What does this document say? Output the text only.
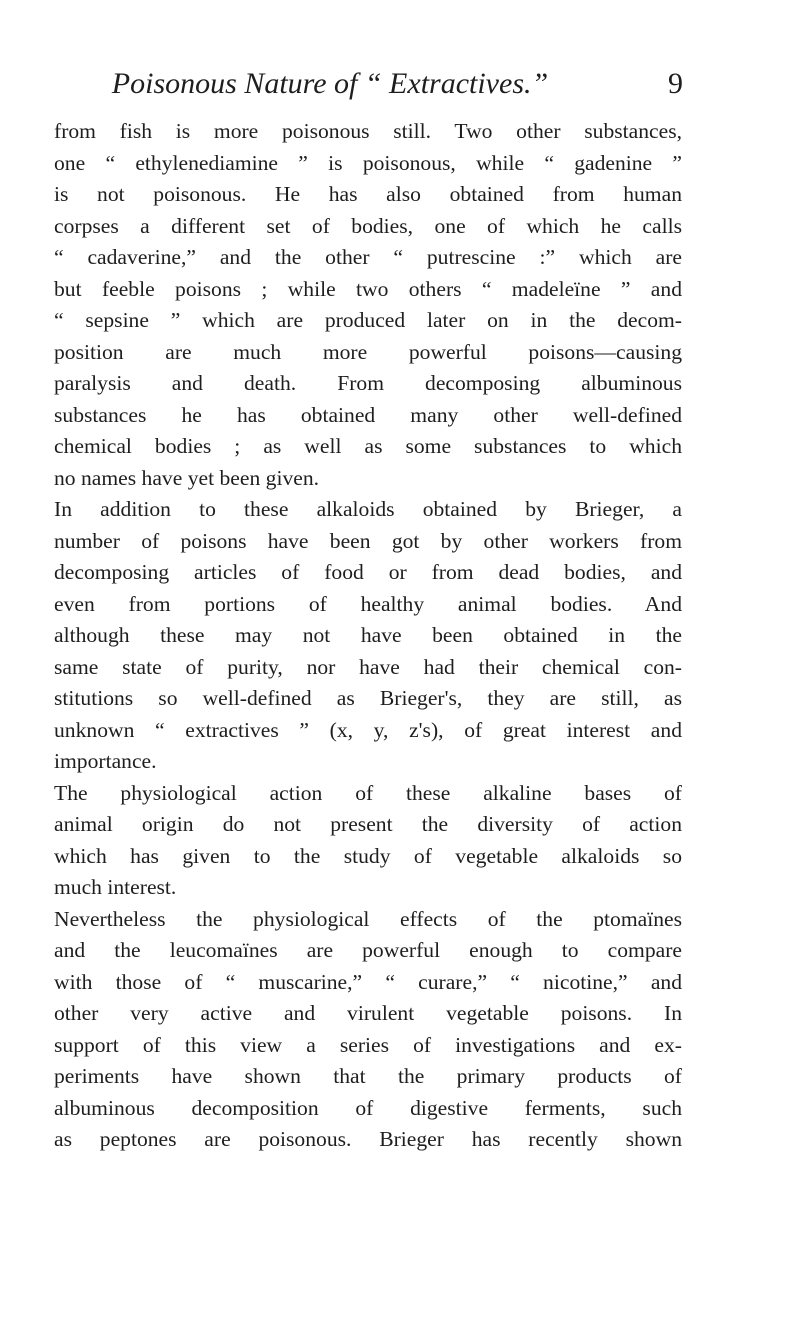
Poisonous Nature of “ Extractives.”	9
from fish is more poisonous still. Two other substances,
one “ ethylenediamine ” is poisonous, while “ gadenine ”
is not poisonous. He has also obtained from human
corpses a different set of bodies, one of which he calls
“ cadaverine,” and the other “ putrescine :” which are
but feeble poisons ; while two others “ madeleïne ” and
“ sepsine ” which are produced later on in the decom-
position are much more powerful poisons—causing
paralysis and death. From decomposing albuminous
substances he has obtained many other well-defined
chemical bodies ; as well as some substances to which
no names have yet been given.
In addition to these alkaloids obtained by Brieger, a
number of poisons have been got by other workers from
decomposing articles of food or from dead bodies, and
even from portions of healthy animal bodies. And
although these may not have been obtained in the
same state of purity, nor have had their chemical con-
stitutions so well-defined as Brieger's, they are still, as
unknown “ extractives ” (x, y, z's), of great interest and
importance.
The physiological action of these alkaline bases of
animal origin do not present the diversity of action
which has given to the study of vegetable alkaloids so
much interest.
Nevertheless the physiological effects of the ptomaïnes
and the leucomaïnes are powerful enough to compare
with those of “ muscarine,” “ curare,” “ nicotine,” and
other very active and virulent vegetable poisons. In
support of this view a series of investigations and ex-
periments have shown that the primary products of
albuminous decomposition of digestive ferments, such
as peptones are poisonous. Brieger has recently shown
